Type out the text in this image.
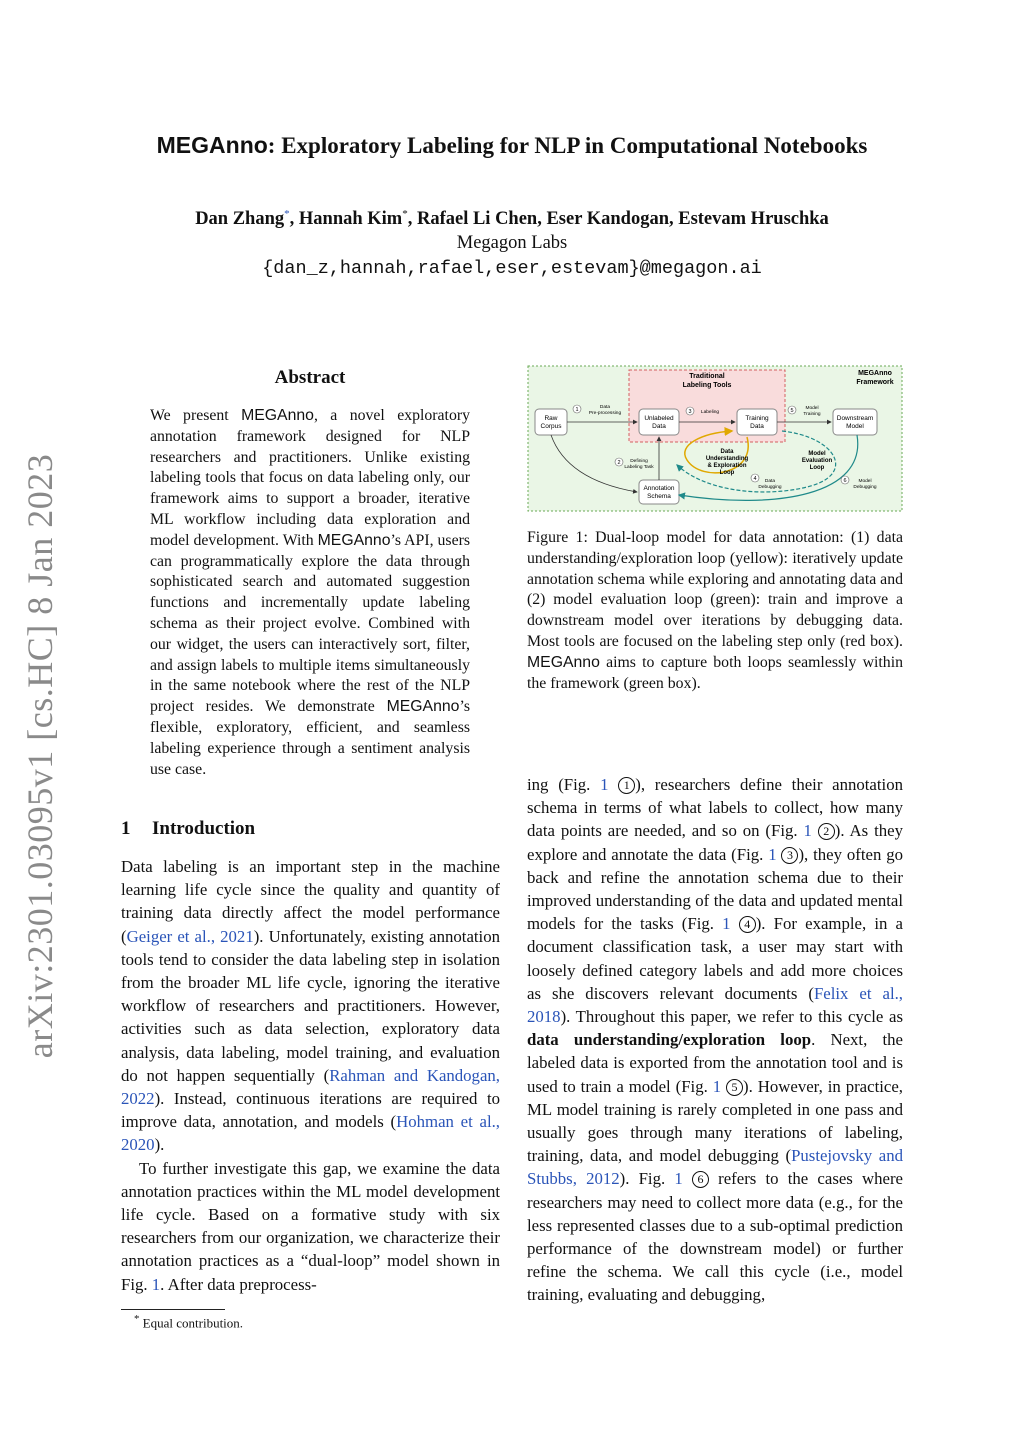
arXiv:2301.03095v1 [cs.HC] 8 Jan 2023
MEGAnno: Exploratory Labeling for NLP in Computational Notebooks
Dan Zhang*, Hannah Kim*, Rafael Li Chen, Eser Kandogan, Estevam Hruschka
Megagon Labs
{dan_z,hannah,rafael,eser,estevam}@megagon.ai
Abstract
We present MEGAnno, a novel exploratory annotation framework designed for NLP researchers and practitioners. Unlike existing labeling tools that focus on data labeling only, our framework aims to support a broader, iterative ML workflow including data exploration and model development. With MEGAnno’s API, users can programmatically explore the data through sophisticated search and automated suggestion functions and incrementally update labeling schema as their project evolve. Combined with our widget, the users can interactively sort, filter, and assign labels to multiple items simultaneously in the same notebook where the rest of the NLP project resides. We demonstrate MEGAnno’s flexible, exploratory, efficient, and seamless labeling experience through a sentiment analysis use case.
1 Introduction

Data labeling is an important step in the machine learning life cycle since the quality and quantity of training data directly affect the model performance (Geiger et al., 2021). Unfortunately, existing annotation tools tend to consider the data labeling step in isolation from the broader ML life cycle, ignoring the iterative workflow of researchers and practitioners. However, activities such as data selection, exploratory data analysis, data labeling, model training, and evaluation do not happen sequentially (Rahman and Kandogan, 2022). Instead, continuous iterations are required to improve data, annotation, and models (Hohman et al., 2020).

To further investigate this gap, we examine the data annotation practices within the ML model development life cycle. Based on a formative study with six researchers from our organization, we characterize their annotation practices as a “dual-loop” model shown in Fig. 1. After data preprocess-

* Equal contribution.
MEGAnno
Framework
Traditional
Labeling Tools
Raw
Corpus
Unlabeled
Data
Training
Data
Downstream
Model
Annotation
Schema
Data
Understanding
& Exploration
Loop
Model
Evaluation
Loop
1	Data
Pre-processing
2 Defining
Labeling Task
3 Labeling
4 Data
Debugging
5 Model
Training
6 Model
Debugging
Figure 1: Dual-loop model for data annotation: (1) data understanding/exploration loop (yellow): iteratively update annotation schema while exploring and annotating data and (2) model evaluation loop (green): train and improve a downstream model over iterations by debugging data. Most tools are focused on the labeling step only (red box). MEGAnno aims to capture both loops seamlessly within the framework (green box).
ing (Fig. 1 1 ), researchers define their annotation schema in terms of what labels to collect, how many data points are needed, and so on (Fig. 1 2 ). As they explore and annotate the data (Fig. 1 3 ), they often go back and refine the annotation schema due to their improved understanding of the data and updated mental models for the tasks (Fig. 1 4 ). For example, in a document classification task, a user may start with loosely defined category labels and add more choices as she discovers relevant documents (Felix et al., 2018). Throughout this paper, we refer to this cycle as data understanding/exploration loop. Next, the labeled data is exported from the annotation tool and is used to train a model (Fig. 1 5 ). However, in practice, ML model training is rarely completed in one pass and usually goes through many iterations of labeling, training, data, and model debugging (Pustejovsky and Stubbs, 2012). Fig. 1 6 refers to the cases where researchers may need to collect more data (e.g., for the less represented classes due to a sub-optimal prediction performance of the downstream model) or further refine the schema. We call this cycle (i.e., model training, evaluating and debugging,
